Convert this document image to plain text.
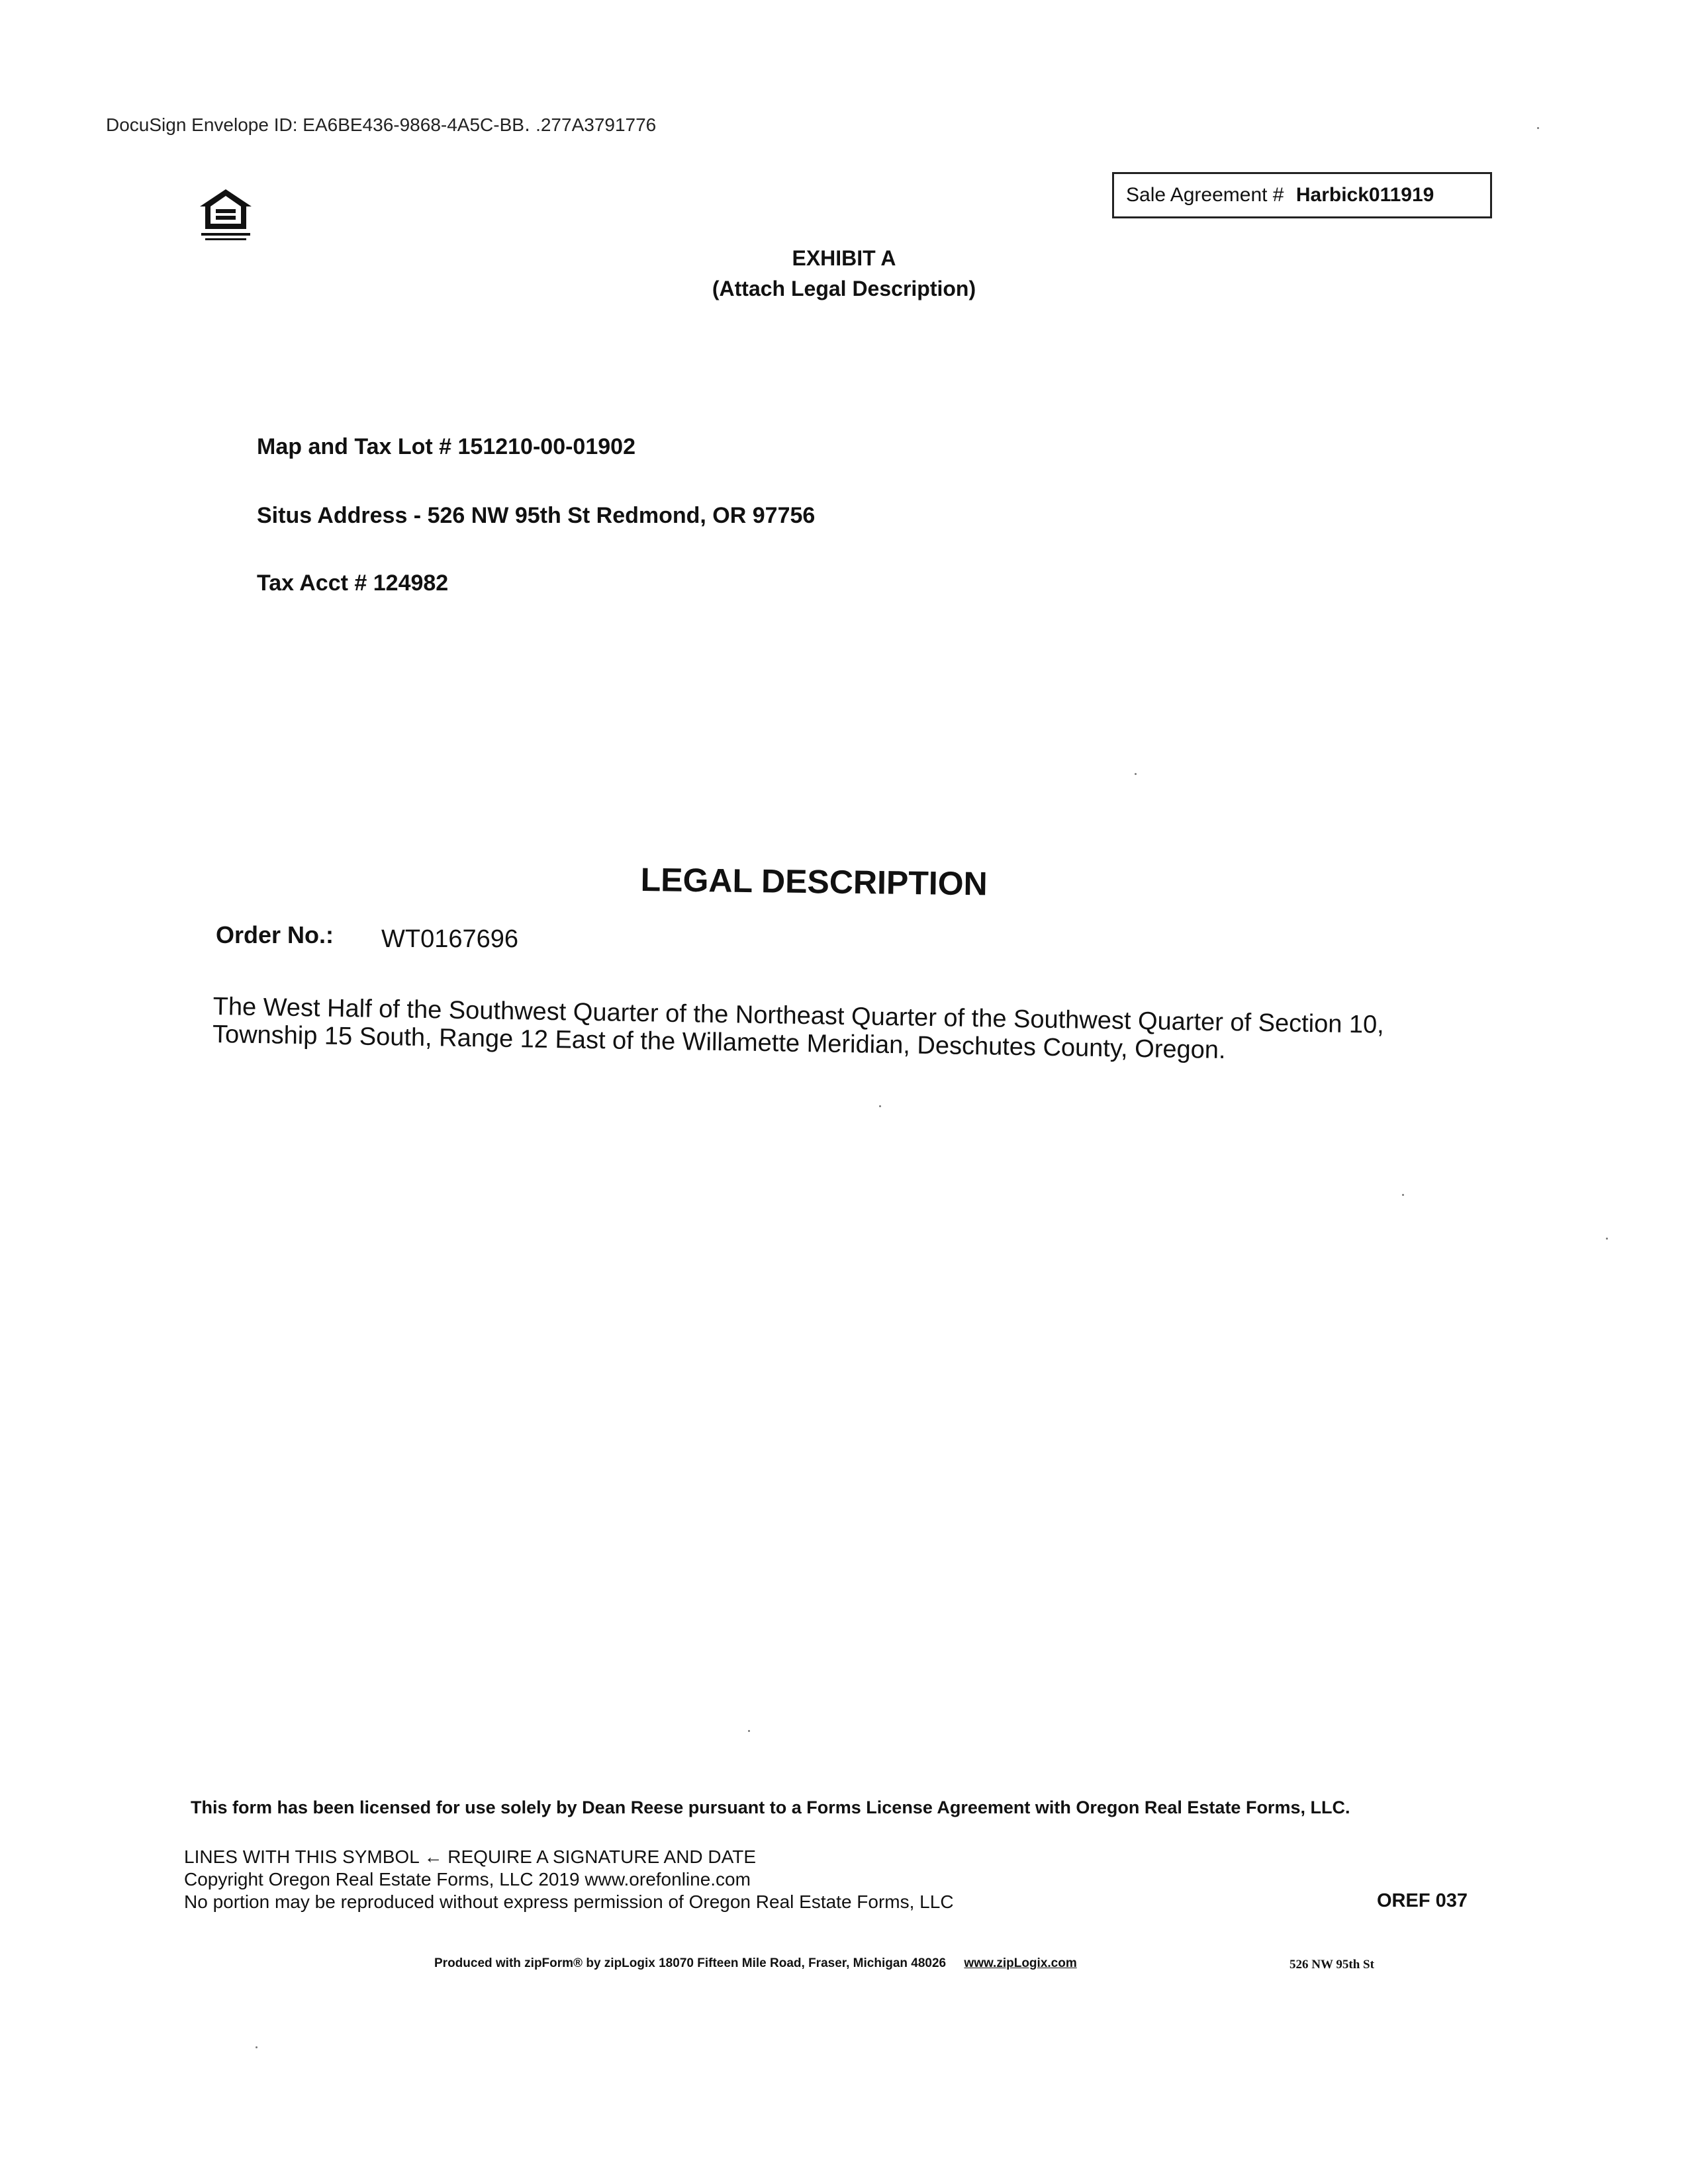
DocuSign Envelope ID: EA6BE436-9868-4A5C-BB․ .277A3791776
Sale Agreement # Harbick011919
EXHIBIT A
(Attach Legal Description)
Map and Tax Lot # 151210-00-01902
Situs Address - 526 NW 95th St Redmond, OR 97756
Tax Acct # 124982
LEGAL DESCRIPTION
Order No.: WT0167696
The West Half of the Southwest Quarter of the Northeast Quarter of the Southwest Quarter of Section 10, Township 15 South, Range 12 East of the Willamette Meridian, Deschutes County, Oregon.
This form has been licensed for use solely by Dean Reese pursuant to a Forms License Agreement with Oregon Real Estate Forms, LLC.
LINES WITH THIS SYMBOL ← REQUIRE A SIGNATURE AND DATE
Copyright Oregon Real Estate Forms, LLC 2019 www.orefonline.com
No portion may be reproduced without express permission of Oregon Real Estate Forms, LLC	OREF 037
Produced with zipForm® by zipLogix 18070 Fifteen Mile Road, Fraser, Michigan 48026 www.zipLogix.com	526 NW 95th St
